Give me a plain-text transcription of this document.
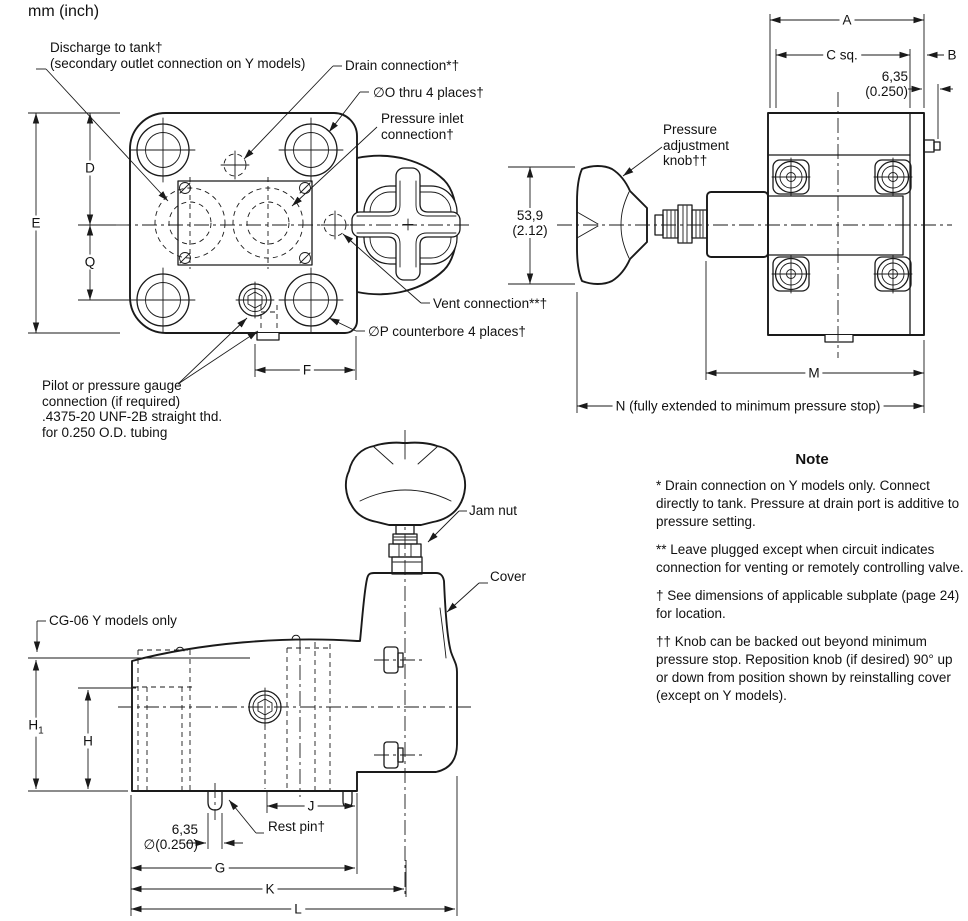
mm (inch)
Discharge to tank†
(secondary outlet connection on Y models)	Drain connection*†
∅O thru 4 places†
Pressure inlet
connection†
Vent connection**†
∅P counterbore 4 places†
Pilot or pressure gauge
connection (if required)
.4375-20 UNF-2B straight thd.
for 0.250 O.D. tubing
E
D
Q
F
Pressure
adjustment
knob††
A
C sq.	B
6,35
(0.250)
53,9
(2.12)
M
N (fully extended to minimum pressure stop)
Jam nut
Cover
CG-06 Y models only
Rest pin†
$H_1$
H
J
6,35
∅(0.250)
G
K
L
Note

* Drain connection on Y models only. Connect directly to tank. Pressure at drain port is additive to pressure setting.

** Leave plugged except when circuit indicates connection for venting or remotely controlling valve.

† See dimensions of applicable subplate (page 24) for location.

†† Knob can be backed out beyond minimum pressure stop. Reposition knob (if desired) 90° up or down from position shown by reinstalling cover (except on Y models).
